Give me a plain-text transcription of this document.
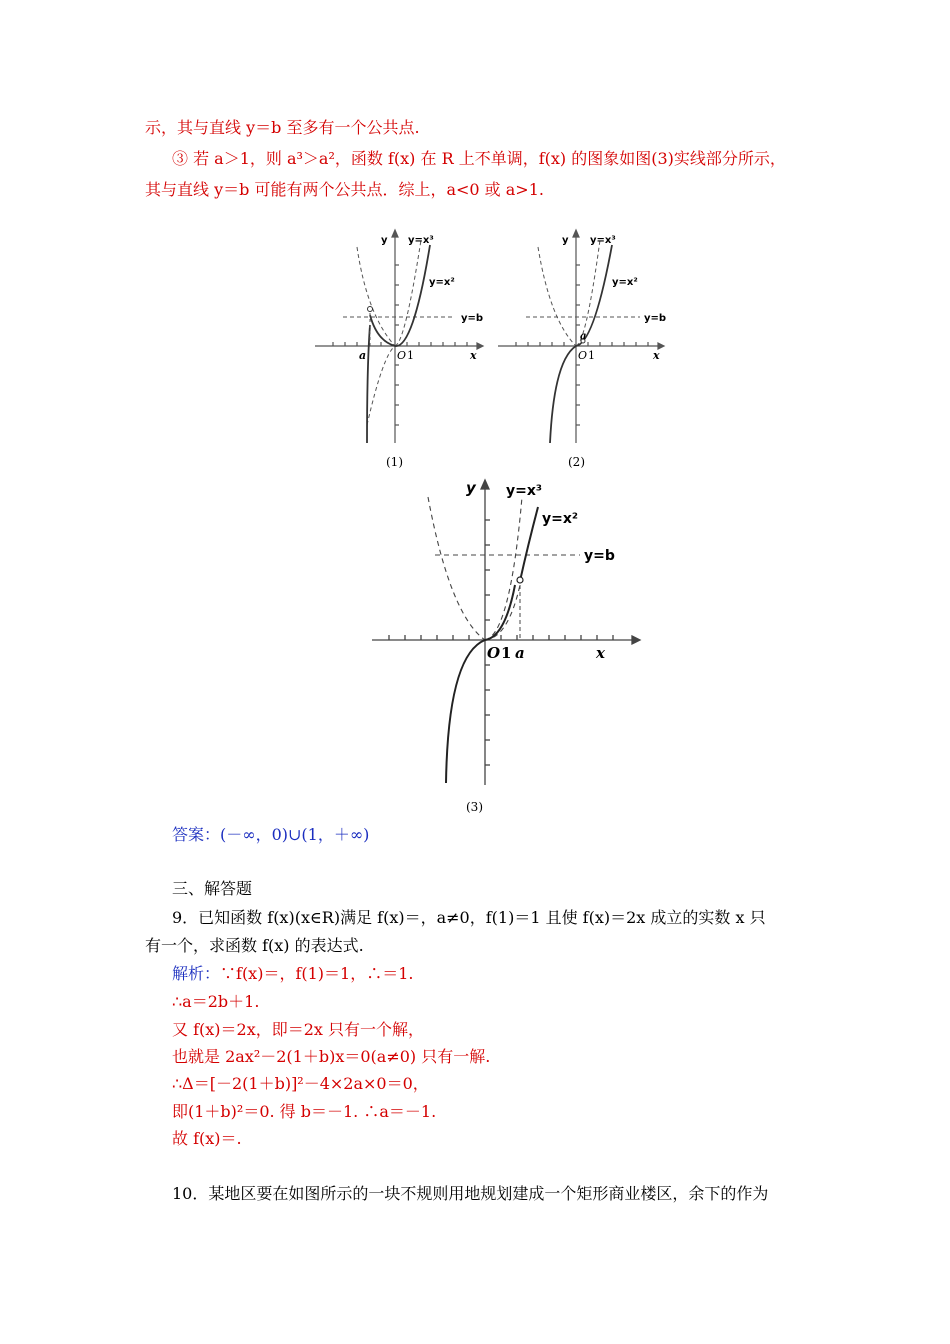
示，其与直线 y＝b 至多有一个公共点.
③ 若 a＞1，则 a³＞a²，函数 f(x) 在 R 上不单调，f(x) 的图象如图(3)实线部分所示，
其与直线 y＝b 可能有两个公共点．综上，a<0 或 a>1.
y y=x³
y=x²
y=b
O 1
a	x
(1)
y y=x³
y=x²
y=b
O 1
a
x
(2)
y y=x³
y=x²
y=b
O 1 a	x
(3)
答案：(－∞，0)∪(1，＋∞)
三、解答题
9．已知函数 f(x)(x∈R)满足 f(x)＝，a≠0，f(1)＝1 且使 f(x)＝2x 成立的实数 x 只
有一个，求函数 f(x) 的表达式.
解析：∵f(x)＝，f(1)＝1，∴＝1.
∴a＝2b＋1.
又 f(x)＝2x，即＝2x 只有一个解，
也就是 2ax²－2(1＋b)x＝0(a≠0) 只有一解.
∴Δ＝[－2(1＋b)]²－4×2a×0＝0，
即(1＋b)²＝0. 得 b＝－1. ∴a＝－1.
故 f(x)＝.
10．某地区要在如图所示的一块不规则用地规划建成一个矩形商业楼区，余下的作为
